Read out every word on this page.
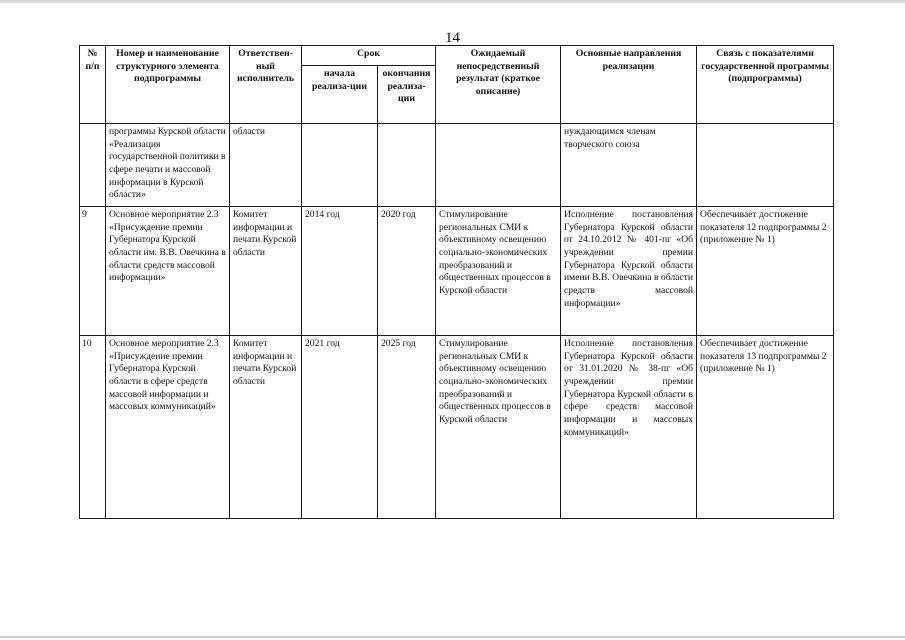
14
№ п/п	Номер и наименование структурного элемента подпрограммы	Ответствен-ный исполнитель	Срок		Ожидаемый непосредственный результат (краткое описание)	Основные направления реализации	Связь с показателями государственной программы (подпрограммы)
			начала реализа-ции	окончания реализа-ции			
	программы Курской области «Реализация государственной политики в сфере печати и массовой информации в Курской области»	области				нуждающимся членам творческого союза	
9	Основное мероприятие 2.3 «Присуждение премии Губернатора Курской области им. В.В. Овечкина в области средств массовой информации»	Комитет информации и печати Курской области	2014 год	2020 год	Стимулирование региональных СМИ к объективному освещению социально-экономических преобразований и общественных процессов в Курской области	Исполнение постановления Губернатора Курской области от 24.10.2012 № 401-пг «Об учреждении премии Губернатора Курской области имени В.В. Овечкина в области средств массовой информации»	Обеспечивает достижение показателя 12 подпрограммы 2 (приложение № 1)
10	Основное мероприятие 2.3 «Присуждение премии Губернатора Курской области в сфере средств массовой информации и массовых коммуникаций»	Комитет информации и печати Курской области	2021 год	2025 год	Стимулирование региональных СМИ к объективному освещению социально-экономических преобразований и общественных процессов в Курской области	Исполнение постановления Губернатора Курской области от 31.01.2020 № 38-пг «Об учреждении премии Губернатора Курской области в сфере средств массовой информации и массовых коммуникаций»	Обеспечивает достижение показателя 13 подпрограммы 2 (приложение № 1)
